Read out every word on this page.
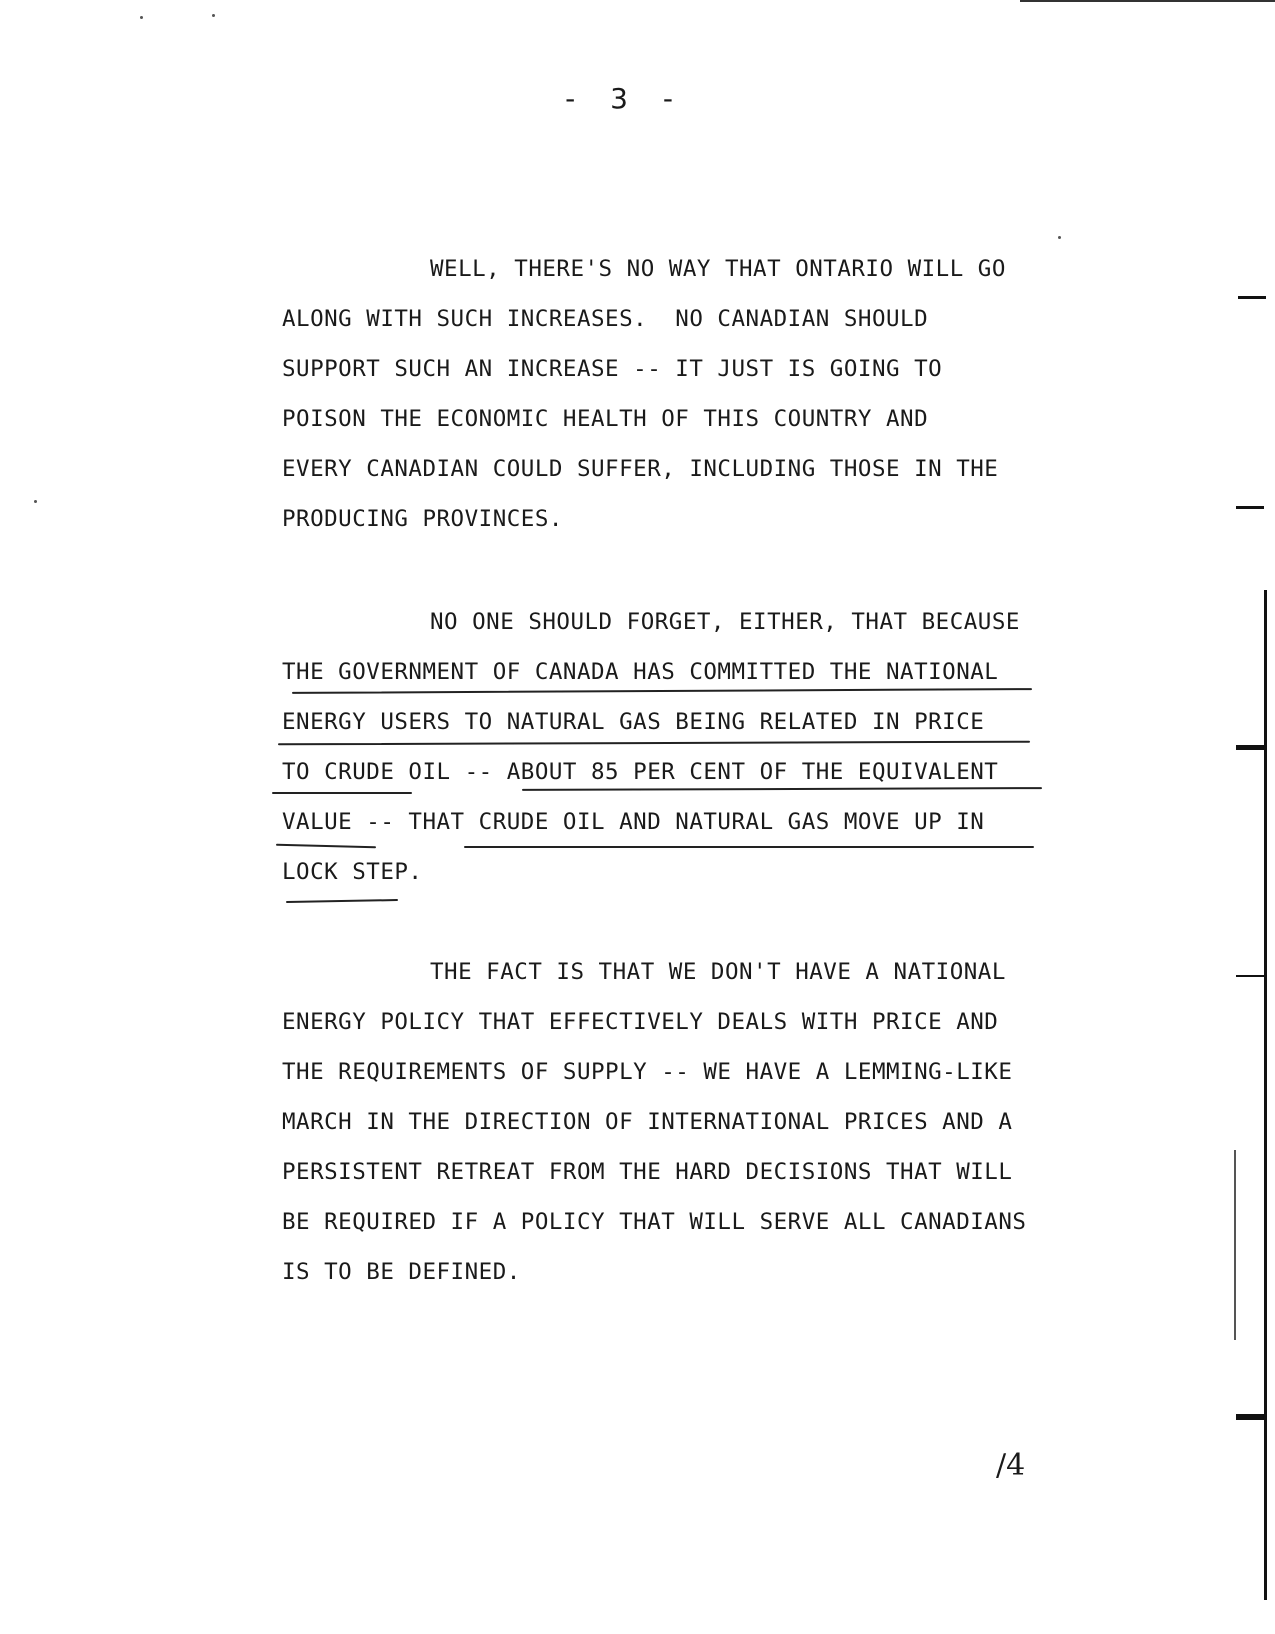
- 3 -
WELL, THERE'S NO WAY THAT ONTARIO WILL GO
ALONG WITH SUCH INCREASES.  NO CANADIAN SHOULD
SUPPORT SUCH AN INCREASE -- IT JUST IS GOING TO
POISON THE ECONOMIC HEALTH OF THIS COUNTRY AND
EVERY CANADIAN COULD SUFFER, INCLUDING THOSE IN THE
PRODUCING PROVINCES.
NO ONE SHOULD FORGET, EITHER, THAT BECAUSE
THE GOVERNMENT OF CANADA HAS COMMITTED THE NATIONAL
ENERGY USERS TO NATURAL GAS BEING RELATED IN PRICE
TO CRUDE OIL -- ABOUT 85 PER CENT OF THE EQUIVALENT
VALUE -- THAT CRUDE OIL AND NATURAL GAS MOVE UP IN
LOCK STEP.
THE FACT IS THAT WE DON'T HAVE A NATIONAL
ENERGY POLICY THAT EFFECTIVELY DEALS WITH PRICE AND
THE REQUIREMENTS OF SUPPLY -- WE HAVE A LEMMING-LIKE
MARCH IN THE DIRECTION OF INTERNATIONAL PRICES AND A
PERSISTENT RETREAT FROM THE HARD DECISIONS THAT WILL
BE REQUIRED IF A POLICY THAT WILL SERVE ALL CANADIANS
IS TO BE DEFINED.
/4
